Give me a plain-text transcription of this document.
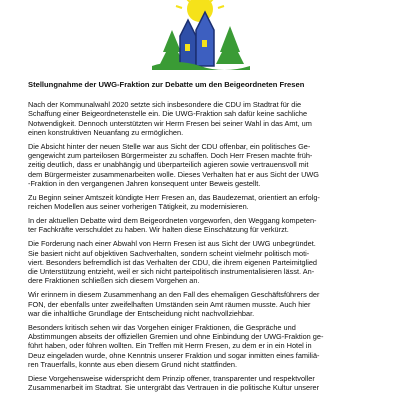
Stellungnahme der UWG-Fraktion zur Debatte um den Beigeordneten Fresen
Nach der Kommunalwahl 2020 setzte sich insbesondere die CDU im Stadtrat für die
Schaffung einer Beigeordnetenstelle ein. Die UWG-Fraktion sah dafür keine sachliche
Notwendigkeit. Dennoch unterstützten wir Herrn Fresen bei seiner Wahl in das Amt, um
einen konstruktiven Neuanfang zu ermöglichen.
Die Absicht hinter der neuen Stelle war aus Sicht der CDU offenbar, ein politisches Ge-
gengewicht zum parteilosen Bürgermeister zu schaffen. Doch Herr Fresen machte früh-
zeitig deutlich, dass er unabhängig und überparteilich agieren sowie vertrauensvoll mit
dem Bürgermeister zusammenarbeiten wolle. Dieses Verhalten hat er aus Sicht der UWG
-Fraktion in den vergangenen Jahren konsequent unter Beweis gestellt.
Zu Beginn seiner Amtszeit kündigte Herr Fresen an, das Baudezernat, orientiert an erfolg-
reichen Modellen aus seiner vorherigen Tätigkeit, zu modernisieren.
In der aktuellen Debatte wird dem Beigeordneten vorgeworfen, den Weggang kompeten-
ter Fachkräfte verschuldet zu haben. Wir halten diese Einschätzung für verkürzt.
Die Forderung nach einer Abwahl von Herrn Fresen ist aus Sicht der UWG unbegründet.
Sie basiert nicht auf objektiven Sachverhalten, sondern scheint vielmehr politisch moti-
viert. Besonders befremdlich ist das Verhalten der CDU, die ihrem eigenen Parteimitglied
die Unterstützung entzieht, weil er sich nicht parteipolitisch instrumentalisieren lässt. An-
dere Fraktionen schließen sich diesem Vorgehen an.
Wir erinnern in diesem Zusammenhang an den Fall des ehemaligen Geschäftsführers der
FON, der ebenfalls unter zweifelhaften Umständen sein Amt räumen musste. Auch hier
war die inhaltliche Grundlage der Entscheidung nicht nachvollziehbar.
Besonders kritisch sehen wir das Vorgehen einiger Fraktionen, die Gespräche und
Abstimmungen abseits der offiziellen Gremien und ohne Einbindung der UWG-Fraktion ge-
führt haben, oder führen wollten. Ein Treffen mit Herrn Fresen, zu dem er in ein Hotel in
Deuz eingeladen wurde, ohne Kenntnis unserer Fraktion und sogar inmitten eines familiä-
ren Trauerfalls, konnte aus eben diesem Grund nicht stattfinden.
Diese Vorgehensweise widerspricht dem Prinzip offener, transparenter und respektvoller
Zusammenarbeit im Stadtrat. Sie untergräbt das Vertrauen in die politische Kultur unserer
